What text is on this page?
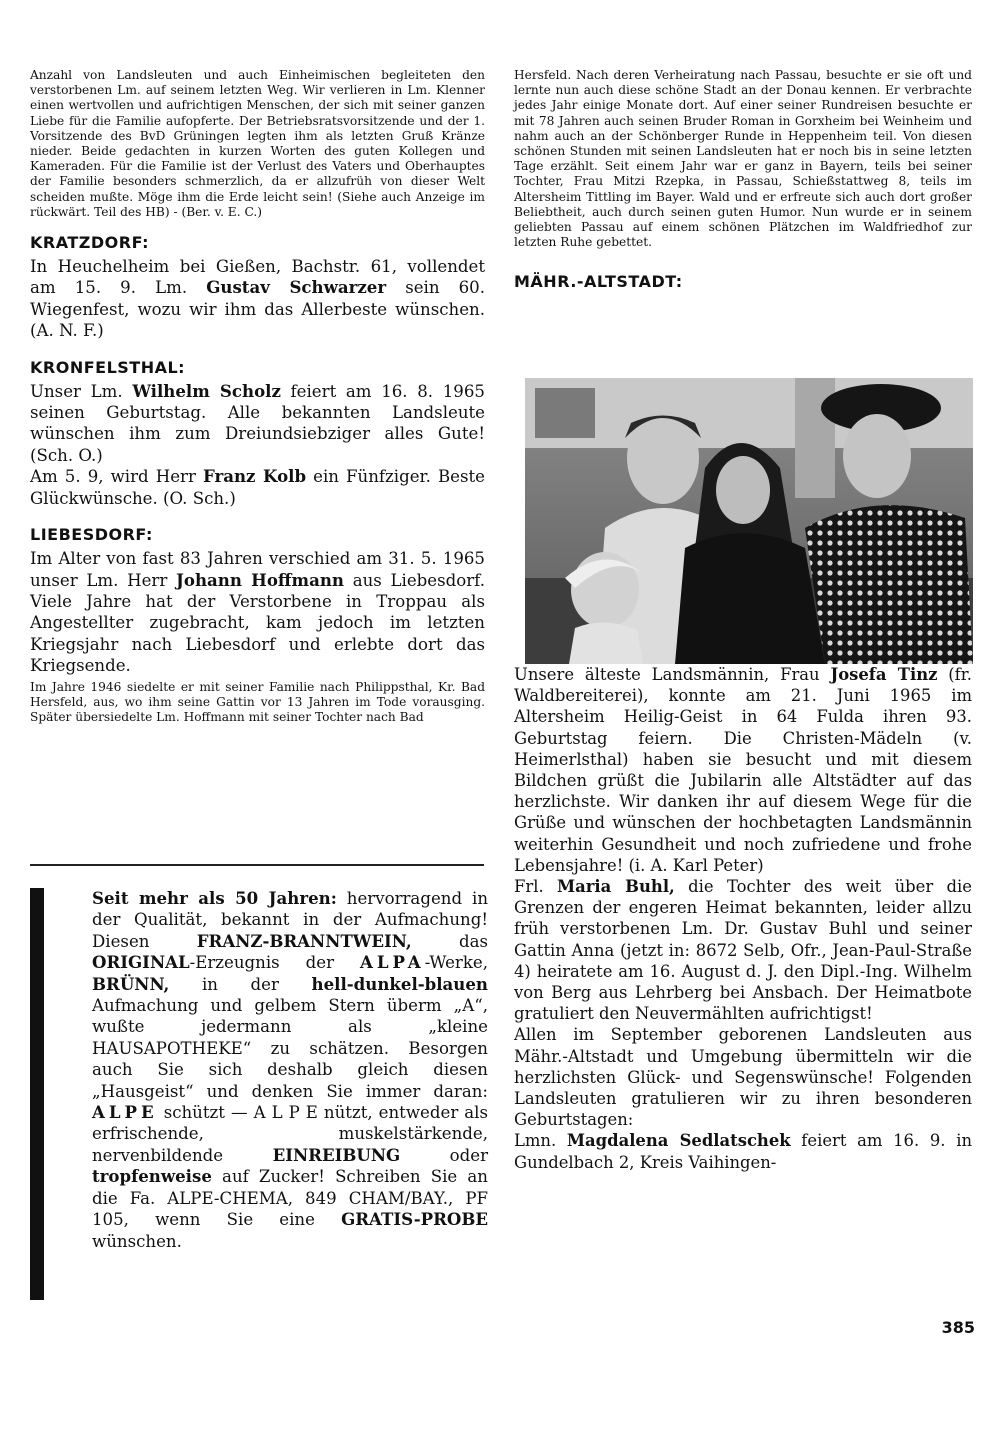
Anzahl von Landsleuten und auch Einheimischen begleiteten den verstorbenen Lm. auf seinem letzten Weg. Wir verlieren in Lm. Klenner einen wertvollen und aufrichtigen Menschen, der sich mit seiner ganzen Liebe für die Familie aufopferte. Der Betriebsratsvorsitzende und der 1. Vorsitzende des BvD Grüningen legten ihm als letzten Gruß Kränze nieder. Beide gedachten in kurzen Worten des guten Kollegen und Kameraden. Für die Familie ist der Verlust des Vaters und Oberhauptes der Familie besonders schmerzlich, da er allzufrüh von dieser Welt scheiden mußte. Möge ihm die Erde leicht sein! (Siehe auch Anzeige im rückwärt. Teil des HB) - (Ber. v. E. C.)

KRATZDORF:

In Heuchelheim bei Gießen, Bachstr. 61, vollendet am 15. 9. Lm. Gustav Schwarzer sein 60. Wiegenfest, wozu wir ihm das Allerbeste wünschen. (A. N. F.)

KRONFELSTHAL:

Unser Lm. Wilhelm Scholz feiert am 16. 8. 1965 seinen Geburtstag. Alle bekannten Landsleute wünschen ihm zum Dreiundsiebziger alles Gute! (Sch. O.)

Am 5. 9, wird Herr Franz Kolb ein Fünfziger. Beste Glückwünsche. (O. Sch.)

LIEBESDORF:

Im Alter von fast 83 Jahren verschied am 31. 5. 1965 unser Lm. Herr Johann Hoffmann aus Liebesdorf. Viele Jahre hat der Verstorbene in Troppau als Angestellter zugebracht, kam jedoch im letzten Kriegsjahr nach Liebesdorf und erlebte dort das Kriegsende.

Im Jahre 1946 siedelte er mit seiner Familie nach Philippsthal, Kr. Bad Hersfeld, aus, wo ihm seine Gattin vor 13 Jahren im Tode vorausging. Später übersiedelte Lm. Hoffmann mit seiner Tochter nach Bad

Seit mehr als 50 Jahren: hervorragend in der Qualität, bekannt in der Aufmachung! Diesen FRANZ-BRANNTWEIN, das ORIGINAL-Erzeugnis der ALPA-Werke, BRÜNN, in der hell-dunkel-blauen Aufmachung und gelbem Stern überm „A“, wußte jedermann als „kleine HAUSAPOTHEKE“ zu schätzen. Besorgen auch Sie sich deshalb gleich diesen „Hausgeist“ und denken Sie immer daran: ALPE schützt — A L P E nützt, entweder als erfrischende, muskelstärkende, nervenbildende EINREIBUNG oder tropfenweise auf Zucker! Schreiben Sie an die Fa. ALPE-CHEMA, 849 CHAM/BAY., PF 105, wenn Sie eine GRATIS-PROBE wünschen.

Hersfeld. Nach deren Verheiratung nach Passau, besuchte er sie oft und lernte nun auch diese schöne Stadt an der Donau kennen. Er verbrachte jedes Jahr einige Monate dort. Auf einer seiner Rundreisen besuchte er mit 78 Jahren auch seinen Bruder Roman in Gorxheim bei Weinheim und nahm auch an der Schönberger Runde in Heppenheim teil. Von diesen schönen Stunden mit seinen Landsleuten hat er noch bis in seine letzten Tage erzählt. Seit einem Jahr war er ganz in Bayern, teils bei seiner Tochter, Frau Mitzi Rzepka, in Passau, Schießstattweg 8, teils im Altersheim Tittling im Bayer. Wald und er erfreute sich auch dort großer Beliebtheit, auch durch seinen guten Humor. Nun wurde er in seinem geliebten Passau auf einem schönen Plätzchen im Waldfriedhof zur letzten Ruhe gebettet.

MÄHR.-ALTSTADT:

Unsere älteste Landsmännin, Frau Josefa Tinz (fr. Waldbereiterei), konnte am 21. Juni 1965 im Altersheim Heilig-Geist in 64 Fulda ihren 93. Geburtstag feiern. Die Christen-Mädeln (v. Heimerlsthal) haben sie besucht und mit diesem Bildchen grüßt die Jubilarin alle Altstädter auf das herzlichste. Wir danken ihr auf diesem Wege für die Grüße und wünschen der hochbetagten Landsmännin weiterhin Gesundheit und noch zufriedene und frohe Lebensjahre! (i. A. Karl Peter)

Frl. Maria Buhl, die Tochter des weit über die Grenzen der engeren Heimat bekannten, leider allzu früh verstorbenen Lm. Dr. Gustav Buhl und seiner Gattin Anna (jetzt in: 8672 Selb, Ofr., Jean-Paul-Straße 4) heiratete am 16. August d. J. den Dipl.-Ing. Wilhelm von Berg aus Lehrberg bei Ansbach. Der Heimatbote gratuliert den Neuvermählten aufrichtigst!

Allen im September geborenen Landsleuten aus Mähr.-Altstadt und Umgebung übermitteln wir die herzlichsten Glück- und Segenswünsche! Folgenden Landsleuten gratulieren wir zu ihren besonderen Geburtstagen:

Lmn. Magdalena Sedlatschek feiert am 16. 9. in Gundelbach 2, Kreis Vaihingen-

385
